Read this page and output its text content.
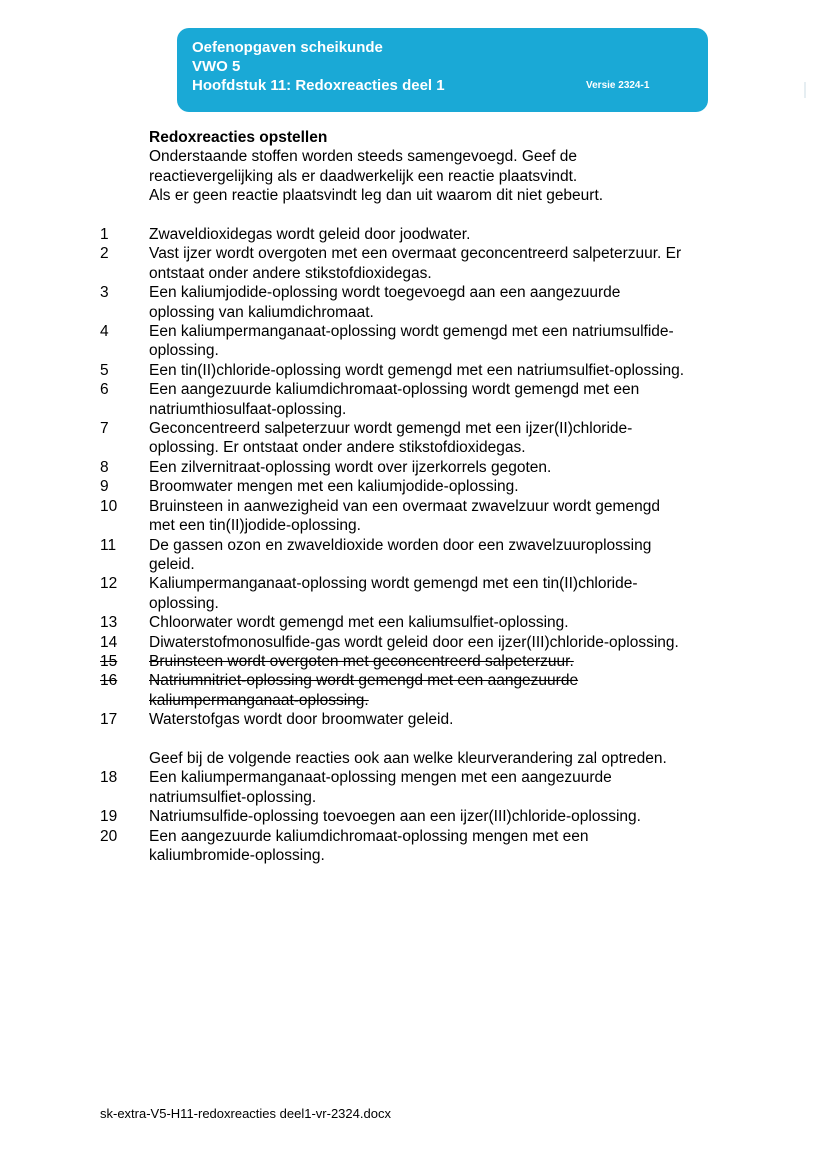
Oefenopgaven scheikunde
VWO 5
Hoofdstuk 11: Redoxreacties deel 1	Versie 2324-1
Redoxreacties opstellen
Onderstaande stoffen worden steeds samengevoegd. Geef de
reactievergelijking als er daadwerkelijk een reactie plaatsvindt.
Als er geen reactie plaatsvindt leg dan uit waarom dit niet gebeurt.
1	Zwaveldioxidegas wordt geleid door joodwater.
2	Vast ijzer wordt overgoten met een overmaat geconcentreerd salpeterzuur. Er
ontstaat onder andere stikstofdioxidegas.
3	Een kaliumjodide-oplossing wordt toegevoegd aan een aangezuurde
oplossing van kaliumdichromaat.
4	Een kaliumpermanganaat-oplossing wordt gemengd met een natriumsulfide-
oplossing.
5	Een tin(II)chloride-oplossing wordt gemengd met een natriumsulfiet-oplossing.
6	Een aangezuurde kaliumdichromaat-oplossing wordt gemengd met een
natriumthiosulfaat-oplossing.
7	Geconcentreerd salpeterzuur wordt gemengd met een ijzer(II)chloride-
oplossing. Er ontstaat onder andere stikstofdioxidegas.
8	Een zilvernitraat-oplossing wordt over ijzerkorrels gegoten.
9	Broomwater mengen met een kaliumjodide-oplossing.
10	Bruinsteen in aanwezigheid van een overmaat zwavelzuur wordt gemengd
met een tin(II)jodide-oplossing.
11	De gassen ozon en zwaveldioxide worden door een zwavelzuuroplossing
geleid.
12	Kaliumpermanganaat-oplossing wordt gemengd met een tin(II)chloride-
oplossing.
13	Chloorwater wordt gemengd met een kaliumsulfiet-oplossing.
14	Diwaterstofmonosulfide-gas wordt geleid door een ijzer(III)chloride-oplossing.
15	Bruinsteen wordt overgoten met geconcentreerd salpeterzuur.
16	Natriumnitriet-oplossing wordt gemengd met een aangezuurde
kaliumpermanganaat-oplossing.
17	Waterstofgas wordt door broomwater geleid.
Geef bij de volgende reacties ook aan welke kleurverandering zal optreden.
18	Een kaliumpermanganaat-oplossing mengen met een aangezuurde
natriumsulfiet-oplossing.
19	Natriumsulfide-oplossing toevoegen aan een ijzer(III)chloride-oplossing.
20	Een aangezuurde kaliumdichromaat-oplossing mengen met een
kaliumbromide-oplossing.
sk-extra-V5-H11-redoxreacties deel1-vr-2324.docx
